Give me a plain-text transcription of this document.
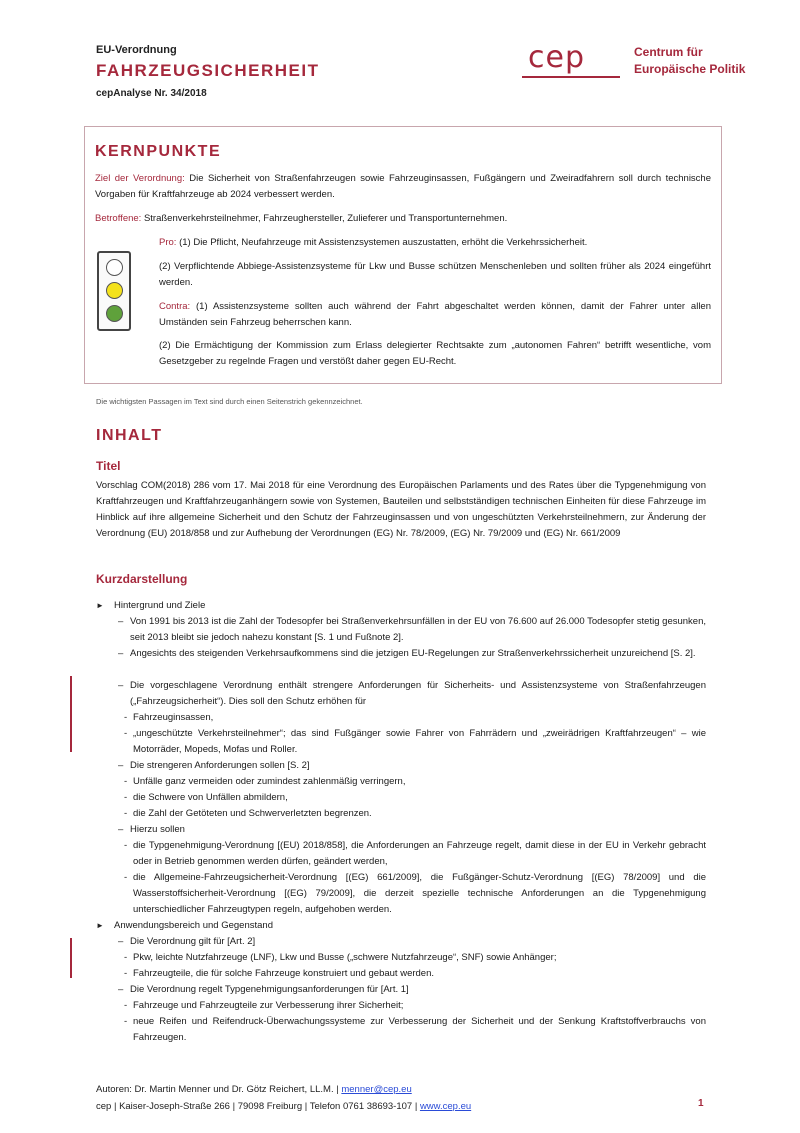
EU-Verordnung
FAHRZEUGSICHERHEIT
cepAnalyse Nr. 34/2018
cep	Centrum für
Europäische Politik
KERNPUNKTE
Ziel der Verordnung: Die Sicherheit von Straßenfahrzeugen sowie Fahrzeuginsassen, Fußgängern und Zweiradfahrern soll durch technische Vorgaben für Kraftfahrzeuge ab 2024 verbessert werden.
Betroffene: Straßenverkehrsteilnehmer, Fahrzeughersteller, Zulieferer und Transportunternehmen.
Pro: (1) Die Pflicht, Neufahrzeuge mit Assistenzsystemen auszustatten, erhöht die Verkehrssicherheit.
(2) Verpflichtende Abbiege-Assistenzsysteme für Lkw und Busse schützen Menschenleben und sollten früher als 2024 eingeführt werden.
Contra: (1) Assistenzsysteme sollten auch während der Fahrt abgeschaltet werden können, damit der Fahrer unter allen Umständen sein Fahrzeug beherrschen kann.
(2) Die Ermächtigung der Kommission zum Erlass delegierter Rechtsakte zum „autonomen Fahren“ betrifft wesentliche, vom Gesetzgeber zu regelnde Fragen und verstößt daher gegen EU-Recht.
Die wichtigsten Passagen im Text sind durch einen Seitenstrich gekennzeichnet.
INHALT
Titel
Vorschlag COM(2018) 286 vom 17. Mai 2018 für eine Verordnung des Europäischen Parlaments und des Rates über die Typgenehmigung von Kraftfahrzeugen und Kraftfahrzeuganhängern sowie von Systemen, Bauteilen und selbstständigen technischen Einheiten für diese Fahrzeuge im Hinblick auf ihre allgemeine Sicherheit und den Schutz der Fahrzeuginsassen und von ungeschützten Verkehrsteilnehmern, zur Änderung der Verordnung (EU) 2018/858 und zur Aufhebung der Verordnungen (EG) Nr. 78/2009, (EG) Nr. 79/2009 und (EG) Nr. 661/2009
Kurzdarstellung
► Hintergrund und Ziele
– Von 1991 bis 2013 ist die Zahl der Todesopfer bei Straßenverkehrsunfällen in der EU von 76.600 auf 26.000 Todesopfer stetig gesunken, seit 2013 bleibt sie jedoch nahezu konstant [S. 1 und Fußnote 2].
– Angesichts des steigenden Verkehrsaufkommens sind die jetzigen EU-Regelungen zur Straßenverkehrssicherheit unzureichend [S. 2].
– Die vorgeschlagene Verordnung enthält strengere Anforderungen für Sicherheits- und Assistenzsysteme von Straßenfahrzeugen („Fahrzeugsicherheit“). Dies soll den Schutz erhöhen für
- Fahrzeuginsassen,
- „ungeschützte Verkehrsteilnehmer“; das sind Fußgänger sowie Fahrer von Fahrrädern und „zweirädrigen Kraftfahrzeugen“ – wie Motorräder, Mopeds, Mofas und Roller.
– Die strengeren Anforderungen sollen [S. 2]
- Unfälle ganz vermeiden oder zumindest zahlenmäßig verringern,
- die Schwere von Unfällen abmildern,
- die Zahl der Getöteten und Schwerverletzten begrenzen.
– Hierzu sollen
- die Typgenehmigung-Verordnung [(EU) 2018/858], die Anforderungen an Fahrzeuge regelt, damit diese in der EU in Verkehr gebracht oder in Betrieb genommen werden dürfen, geändert werden,
- die Allgemeine-Fahrzeugsicherheit-Verordnung [(EG) 661/2009], die Fußgänger-Schutz-Verordnung [(EG) 78/2009] und die Wasserstoffsicherheit-Verordnung [(EG) 79/2009], die derzeit spezielle technische Anforderungen an die Typgenehmigung unterschiedlicher Fahrzeugtypen regeln, aufgehoben werden.
► Anwendungsbereich und Gegenstand
– Die Verordnung gilt für [Art. 2]
- Pkw, leichte Nutzfahrzeuge (LNF), Lkw und Busse („schwere Nutzfahrzeuge“, SNF) sowie Anhänger;
- Fahrzeugteile, die für solche Fahrzeuge konstruiert und gebaut werden.
– Die Verordnung regelt Typgenehmigungsanforderungen für [Art. 1]
- Fahrzeuge und Fahrzeugteile zur Verbesserung ihrer Sicherheit;
- neue Reifen und Reifendruck-Überwachungssysteme zur Verbesserung der Sicherheit und der Senkung Kraftstoffverbrauchs von Fahrzeugen.
Autoren: Dr. Martin Menner und Dr. Götz Reichert, LL.M. | menner@cep.eu
cep | Kaiser-Joseph-Straße 266 | 79098 Freiburg | Telefon 0761 38693-107 | www.cep.eu	1
